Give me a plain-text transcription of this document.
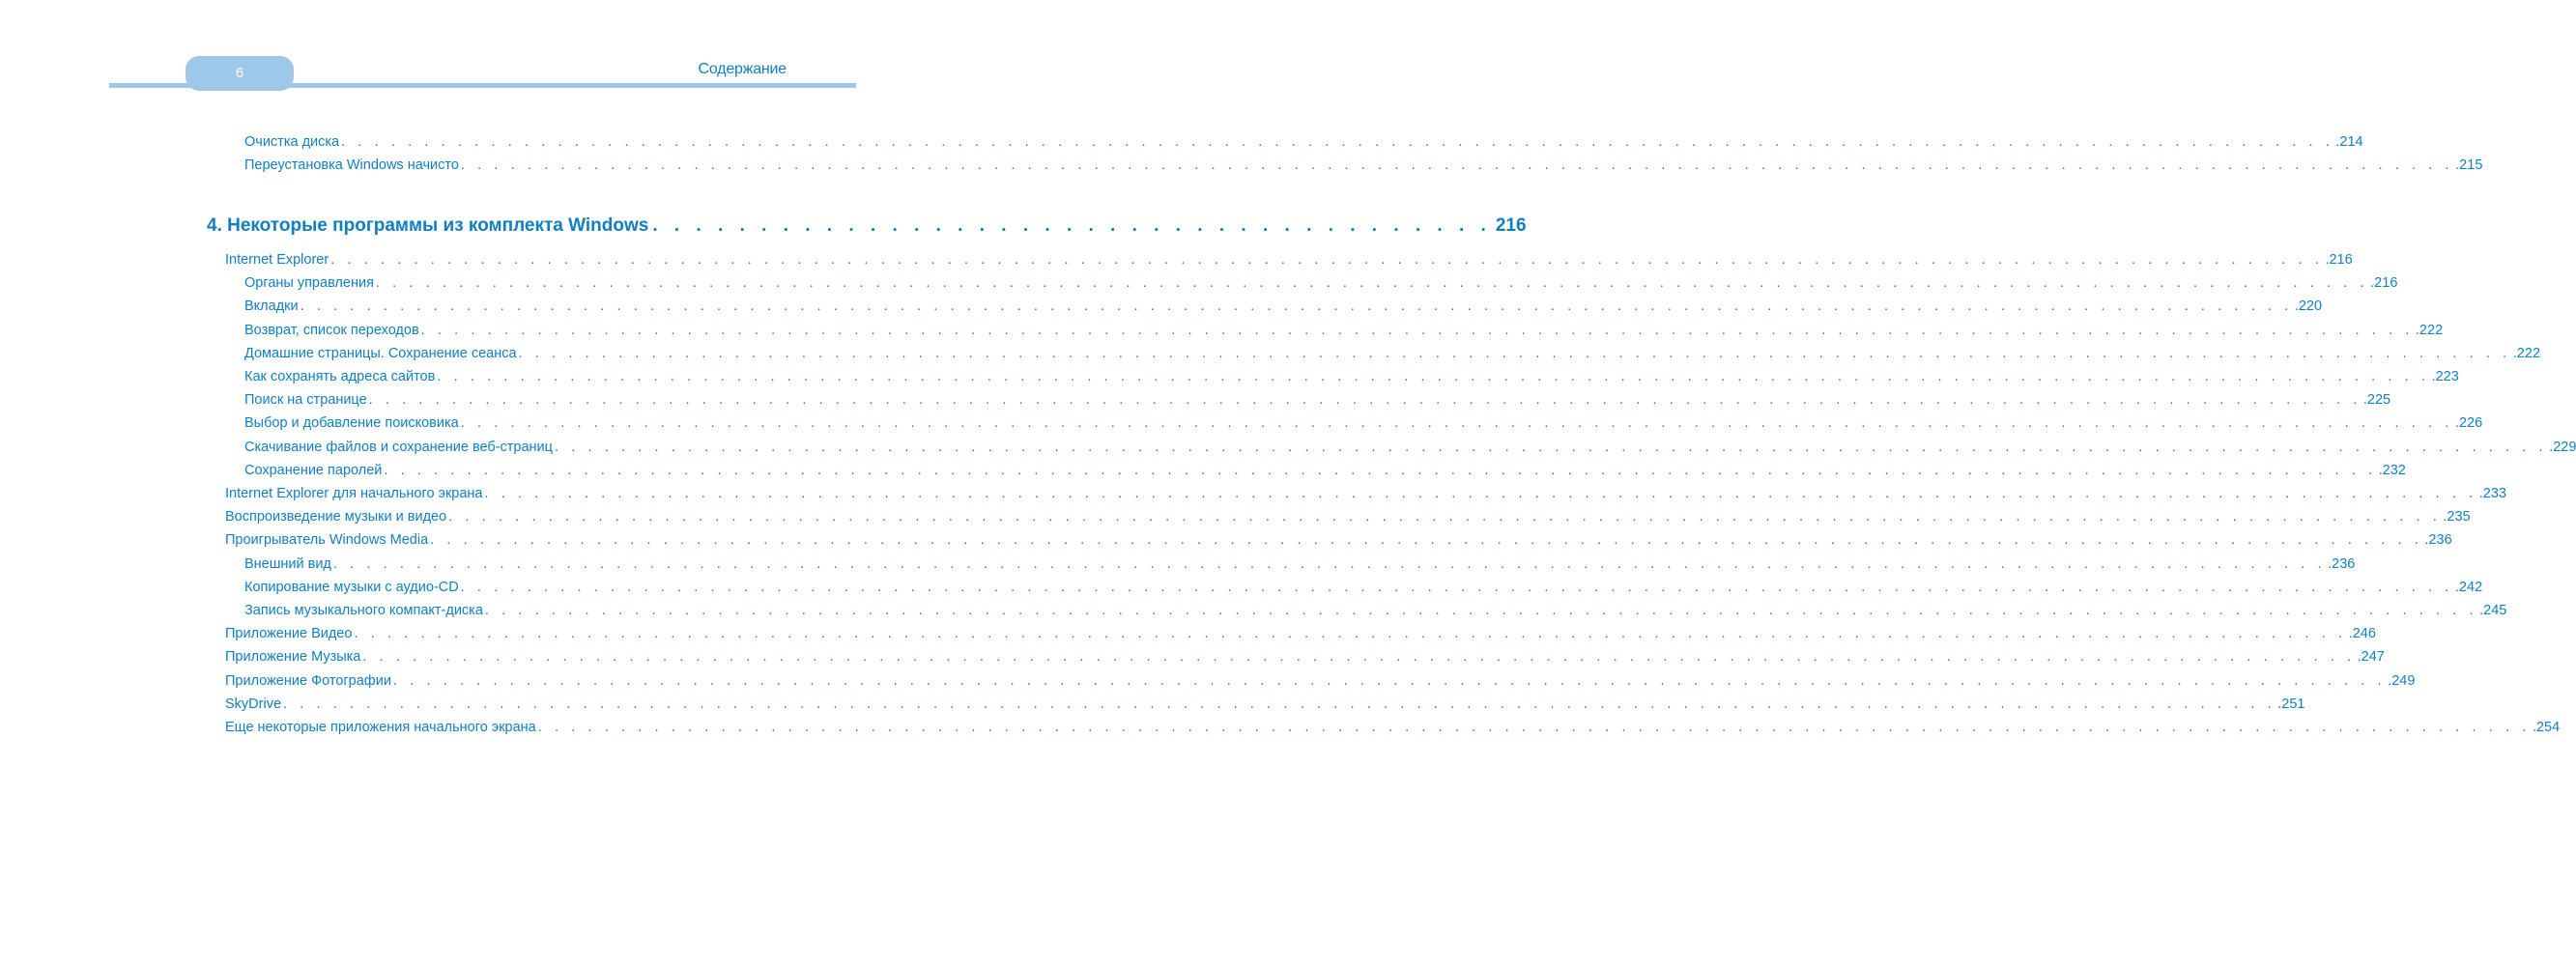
6	Содержание
Очистка диска . . . . . . . . . . . . . . . . . . . . . . . . . . . . . . . . . . . . . . . . . . . . . . . . . . . . . . . . . . . . . . . . . . . . . . . . . . . . . . . . . . . . . . . . . . . . . . . . . . . . . . . . . . . . . . . . . . . . . . . . .214
Переустановка Windows начисто . . . . . . . . . . . . . . . . . . . . . . . . . . . . . . . . . . . . . . . . . . . . . . . . . . . . . . . . . . . . . . . . . . . . . . . . . . . . . . . . . . . . . . . . . . . . . . . . . . . . . . . . . . . . . . . . . . . . . . . . .215
4. Некоторые программы из комплекта Windows . . . . . . . . . . . . . . . . . . . . . . . . . . . . . . . . . . . . . . . 216
Internet Explorer . . . . . . . . . . . . . . . . . . . . . . . . . . . . . . . . . . . . . . . . . . . . . . . . . . . . . . . . . . . . . . . . . . . . . . . . . . . . . . . . . . . . . . . . . . . . . . . . . . . . . . . . . . . . . . . . . . . . . . . . .216
Органы управления . . . . . . . . . . . . . . . . . . . . . . . . . . . . . . . . . . . . . . . . . . . . . . . . . . . . . . . . . . . . . . . . . . . . . . . . . . . . . . . . . . . . . . . . . . . . . . . . . . . . . . . . . . . . . . . . . . . . . . . . .216
Вкладки . . . . . . . . . . . . . . . . . . . . . . . . . . . . . . . . . . . . . . . . . . . . . . . . . . . . . . . . . . . . . . . . . . . . . . . . . . . . . . . . . . . . . . . . . . . . . . . . . . . . . . . . . . . . . . . . . . . . . . . . .220
Возврат, список переходов . . . . . . . . . . . . . . . . . . . . . . . . . . . . . . . . . . . . . . . . . . . . . . . . . . . . . . . . . . . . . . . . . . . . . . . . . . . . . . . . . . . . . . . . . . . . . . . . . . . . . . . . . . . . . . . . . . . . . . . . .222
Домашние страницы. Сохранение сеанса . . . . . . . . . . . . . . . . . . . . . . . . . . . . . . . . . . . . . . . . . . . . . . . . . . . . . . . . . . . . . . . . . . . . . . . . . . . . . . . . . . . . . . . . . . . . . . . . . . . . . . . . . . . . . . . . . . . . . . . . .222
Как сохранять адреса сайтов . . . . . . . . . . . . . . . . . . . . . . . . . . . . . . . . . . . . . . . . . . . . . . . . . . . . . . . . . . . . . . . . . . . . . . . . . . . . . . . . . . . . . . . . . . . . . . . . . . . . . . . . . . . . . . . . . . . . . . . . .223
Поиск на странице . . . . . . . . . . . . . . . . . . . . . . . . . . . . . . . . . . . . . . . . . . . . . . . . . . . . . . . . . . . . . . . . . . . . . . . . . . . . . . . . . . . . . . . . . . . . . . . . . . . . . . . . . . . . . . . . . . . . . . . . .225
Выбор и добавление поисковика . . . . . . . . . . . . . . . . . . . . . . . . . . . . . . . . . . . . . . . . . . . . . . . . . . . . . . . . . . . . . . . . . . . . . . . . . . . . . . . . . . . . . . . . . . . . . . . . . . . . . . . . . . . . . . . . . . . . . . . . .226
Скачивание файлов и сохранение веб-страниц . . . . . . . . . . . . . . . . . . . . . . . . . . . . . . . . . . . . . . . . . . . . . . . . . . . . . . . . . . . . . . . . . . . . . . . . . . . . . . . . . . . . . . . . . . . . . . . . . . . . . . . . . . . . . . . . . . . . . . . . .229
Сохранение паролей . . . . . . . . . . . . . . . . . . . . . . . . . . . . . . . . . . . . . . . . . . . . . . . . . . . . . . . . . . . . . . . . . . . . . . . . . . . . . . . . . . . . . . . . . . . . . . . . . . . . . . . . . . . . . . . . . . . . . . . . .232
Internet Explorer для начального экрана . . . . . . . . . . . . . . . . . . . . . . . . . . . . . . . . . . . . . . . . . . . . . . . . . . . . . . . . . . . . . . . . . . . . . . . . . . . . . . . . . . . . . . . . . . . . . . . . . . . . . . . . . . . . . . . . . . . . . . . . .233
Воспроизведение музыки и видео . . . . . . . . . . . . . . . . . . . . . . . . . . . . . . . . . . . . . . . . . . . . . . . . . . . . . . . . . . . . . . . . . . . . . . . . . . . . . . . . . . . . . . . . . . . . . . . . . . . . . . . . . . . . . . . . . . . . . . . . .235
Проигрыватель Windows Media . . . . . . . . . . . . . . . . . . . . . . . . . . . . . . . . . . . . . . . . . . . . . . . . . . . . . . . . . . . . . . . . . . . . . . . . . . . . . . . . . . . . . . . . . . . . . . . . . . . . . . . . . . . . . . . . . . . . . . . . .236
Внешний вид . . . . . . . . . . . . . . . . . . . . . . . . . . . . . . . . . . . . . . . . . . . . . . . . . . . . . . . . . . . . . . . . . . . . . . . . . . . . . . . . . . . . . . . . . . . . . . . . . . . . . . . . . . . . . . . . . . . . . . . . .236
Копирование музыки с аудио-CD . . . . . . . . . . . . . . . . . . . . . . . . . . . . . . . . . . . . . . . . . . . . . . . . . . . . . . . . . . . . . . . . . . . . . . . . . . . . . . . . . . . . . . . . . . . . . . . . . . . . . . . . . . . . . . . . . . . . . . . . .242
Запись музыкального компакт-диска . . . . . . . . . . . . . . . . . . . . . . . . . . . . . . . . . . . . . . . . . . . . . . . . . . . . . . . . . . . . . . . . . . . . . . . . . . . . . . . . . . . . . . . . . . . . . . . . . . . . . . . . . . . . . . . . . . . . . . . . .245
Приложение Видео . . . . . . . . . . . . . . . . . . . . . . . . . . . . . . . . . . . . . . . . . . . . . . . . . . . . . . . . . . . . . . . . . . . . . . . . . . . . . . . . . . . . . . . . . . . . . . . . . . . . . . . . . . . . . . . . . . . . . . . . .246
Приложение Музыка . . . . . . . . . . . . . . . . . . . . . . . . . . . . . . . . . . . . . . . . . . . . . . . . . . . . . . . . . . . . . . . . . . . . . . . . . . . . . . . . . . . . . . . . . . . . . . . . . . . . . . . . . . . . . . . . . . . . . . . . .247
Приложение Фотографии . . . . . . . . . . . . . . . . . . . . . . . . . . . . . . . . . . . . . . . . . . . . . . . . . . . . . . . . . . . . . . . . . . . . . . . . . . . . . . . . . . . . . . . . . . . . . . . . . . . . . . . . . . . . . . . . . . . . . . . . .249
SkyDrive . . . . . . . . . . . . . . . . . . . . . . . . . . . . . . . . . . . . . . . . . . . . . . . . . . . . . . . . . . . . . . . . . . . . . . . . . . . . . . . . . . . . . . . . . . . . . . . . . . . . . . . . . . . . . . . . . . . . . . . . .251
Еще некоторые приложения начального экрана . . . . . . . . . . . . . . . . . . . . . . . . . . . . . . . . . . . . . . . . . . . . . . . . . . . . . . . . . . . . . . . . . . . . . . . . . . . . . . . . . . . . . . . . . . . . . . . . . . . . . . . . . . . . . . . . . . . . . . . . .254
